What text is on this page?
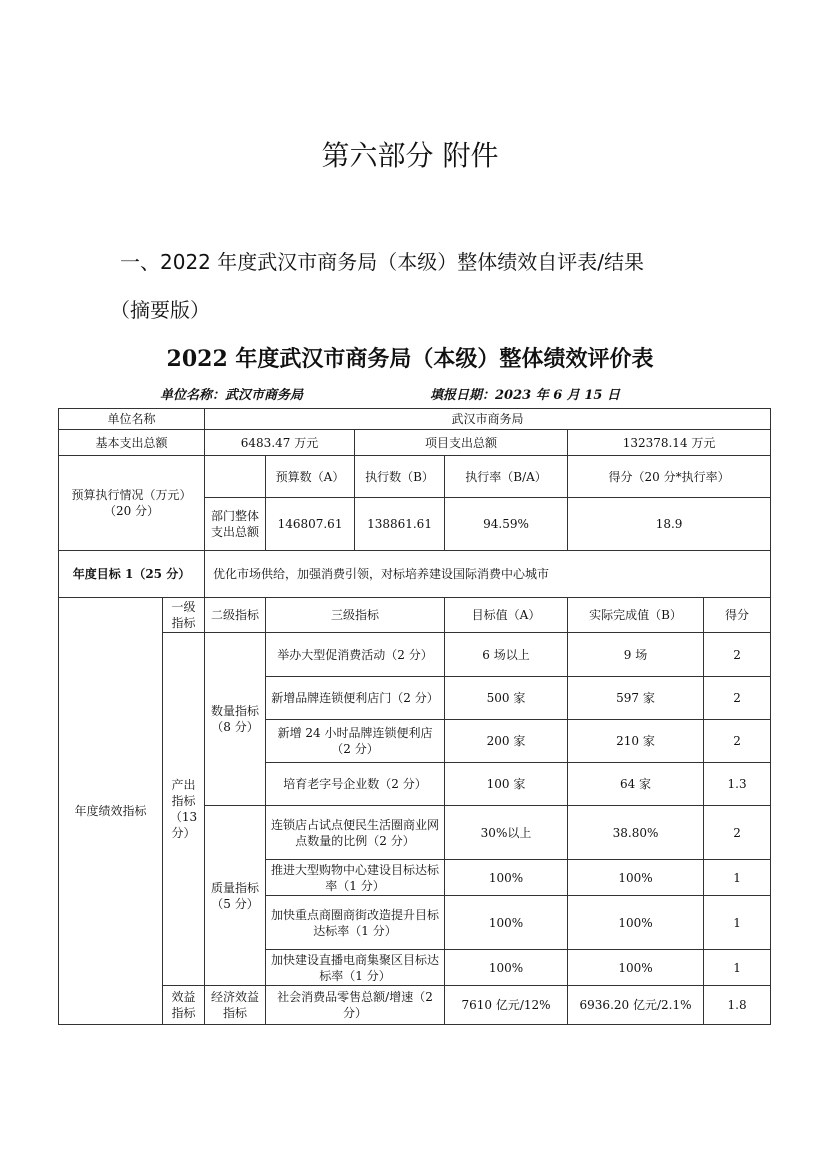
第六部分 附件
一、2022 年度武汉市商务局（本级）整体绩效自评表/结果
（摘要版）
2022 年度武汉市商务局（本级）整体绩效评价表
单位名称：武汉市商务局	填报日期：2023 年 6 月 15 日
单位名称		武汉市商务局					
基本支出总额		6483.47 万元		项目支出总额		132378.14 万元	
预算执行情况（万元）（20 分）			预算数（A）	执行数（B）	执行率（B/A）	得分（20 分*执行率）	
		部门整体支出总额	146807.61	138861.61	94.59%	18.9	
年度目标 1（25 分）		优化市场供给，加强消费引领，对标培养建设国际消费中心城市					
年度绩效指标	一级指标	二级指标	三级指标		目标值（A）	实际完成值（B）	得分
	产出指标（13 分）	数量指标（8 分）	举办大型促消费活动（2 分）		6 场以上	9 场	2
			新增品牌连锁便利店门（2 分）		500 家	597 家	2
			新增 24 小时品牌连锁便利店（2 分）		200 家	210 家	2
			培育老字号企业数（2 分）		100 家	64 家	1.3
		质量指标（5 分）	连锁店占试点便民生活圈商业网点数量的比例（2 分）		30%以上	38.80%	2
			推进大型购物中心建设目标达标率（1 分）		100%	100%	1
			加快重点商圈商街改造提升目标达标率（1 分）		100%	100%	1
			加快建设直播电商集聚区目标达标率（1 分）		100%	100%	1
	效益指标	经济效益指标	社会消费品零售总额/增速（2 分）		7610 亿元/12%	6936.20 亿元/2.1%	1.8
